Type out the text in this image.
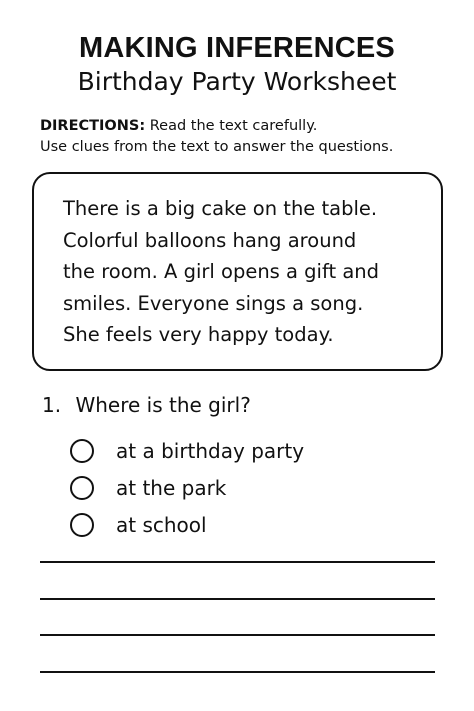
MAKING INFERENCES
Birthday Party Worksheet
DIRECTIONS: Read the text carefully.
Use clues from the text to answer the questions.
There is a big cake on the table.
Colorful balloons hang around
the room. A girl opens a gift and
smiles. Everyone sings a song.
She feels very happy today.
1. Where is the girl?
at a birthday party
at the park
at school
